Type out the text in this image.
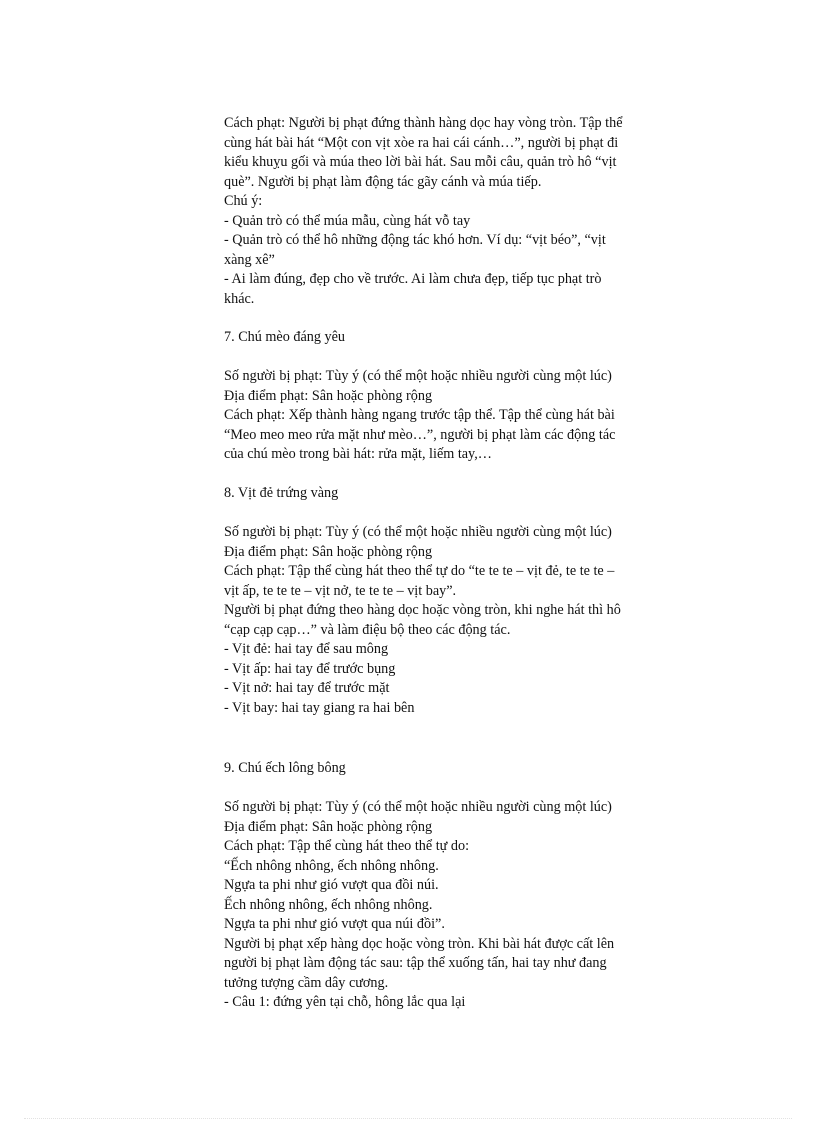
Cách phạt: Người bị phạt đứng thành hàng dọc hay vòng tròn. Tập thể
cùng hát bài hát “Một con vịt xòe ra hai cái cánh…”, người bị phạt đi
kiểu khuỵu gối và múa theo lời bài hát. Sau mỗi câu, quản trò hô “vịt
què”. Người bị phạt làm động tác gãy cánh và múa tiếp.
Chú ý:
- Quản trò có thể múa mẫu, cùng hát vỗ tay
- Quản trò có thể hô những động tác khó hơn. Ví dụ: “vịt béo”, “vịt
xàng xê”
- Ai làm đúng, đẹp cho về trước. Ai làm chưa đẹp, tiếp tục phạt trò
khác.
7. Chú mèo đáng yêu
Số người bị phạt: Tùy ý (có thể một hoặc nhiều người cùng một lúc)
Địa điểm phạt: Sân hoặc phòng rộng
Cách phạt: Xếp thành hàng ngang trước tập thể. Tập thể cùng hát bài
“Meo meo meo rửa mặt như mèo…”, người bị phạt làm các động tác
của chú mèo trong bài hát: rửa mặt, liếm tay,…
8. Vịt đẻ trứng vàng
Số người bị phạt: Tùy ý (có thể một hoặc nhiều người cùng một lúc)
Địa điểm phạt: Sân hoặc phòng rộng
Cách phạt: Tập thể cùng hát theo thể tự do “te te te – vịt đẻ, te te te –
vịt ấp, te te te – vịt nở, te te te – vịt bay”.
Người bị phạt đứng theo hàng dọc hoặc vòng tròn, khi nghe hát thì hô
“cạp cạp cạp…” và làm điệu bộ theo các động tác.
- Vịt đẻ: hai tay để sau mông
- Vịt ấp: hai tay để trước bụng
- Vịt nở: hai tay để trước mặt
- Vịt bay: hai tay giang ra hai bên
9. Chú ếch lông bông
Số người bị phạt: Tùy ý (có thể một hoặc nhiều người cùng một lúc)
Địa điểm phạt: Sân hoặc phòng rộng
Cách phạt: Tập thể cùng hát theo thể tự do:
“Ếch nhông nhông, ếch nhông nhông.
Ngựa ta phi như gió vượt qua đồi núi.
Ếch nhông nhông, ếch nhông nhông.
Ngựa ta phi như gió vượt qua núi đồi”.
Người bị phạt xếp hàng dọc hoặc vòng tròn. Khi bài hát được cất lên
người bị phạt làm động tác sau: tập thể xuống tấn, hai tay như đang
tưởng tượng cầm dây cương.
- Câu 1: đứng yên tại chỗ, hông lắc qua lại
